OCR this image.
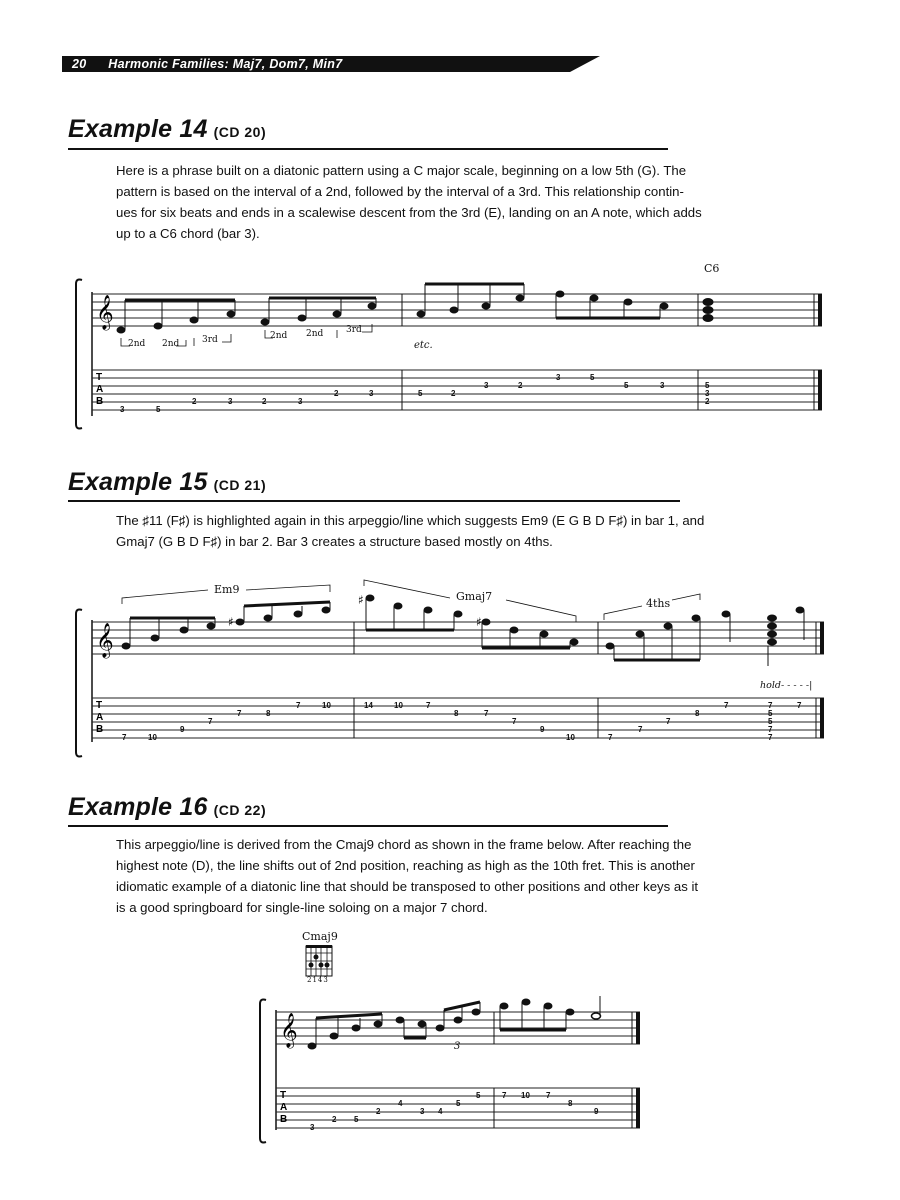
20 Harmonic Families: Maj7, Dom7, Min7
Example 14 (CD 20)
Here is a phrase built on a diatonic pattern using a C major scale, beginning on a low 5th (G). The
pattern is based on the interval of a 2nd, followed by the interval of a 3rd. This relationship contin-
ues for six beats and ends in a scalewise descent from the 3rd (E), landing on an A note, which adds
up to a C6 chord (bar 3).
𝄞
T
A
B
C6
2nd 2nd	3rd	2nd 2nd	3rd
etc.
3	5
2	3	2	3
2	3	5	2
3	2
3	5
5	3	5
3
2
Example 15 (CD 21)
The ♯11 (F♯) is highlighted again in this arpeggio/line which suggests Em9 (E G B D F♯) in bar 1, and
Gmaj7 (G B D F♯) in bar 2. Bar 3 creates a structure based mostly on 4ths.
𝄞
T
A
B
♯
♯
♯
Em9
Gmaj7
4ths
hold- - - - -|
7	10
9
7
7	8
7	10	14	10	7
8	7
7
9
10	7
7
7
8
7	7
5
5
7
7
7
Example 16 (CD 22)
This arpeggio/line is derived from the Cmaj9 chord as shown in the frame below. After reaching the
highest note (D), the line shifts out of 2nd position, reaching as high as the 10th fret. This is another
idiomatic example of a diatonic line that should be transposed to other positions and other keys as it
is a good springboard for single-line soloing on a major 7 chord.
Cmaj9
2143
𝄞
T
A
B
3
3
2 5
2
4
3 4
5
5	7 10 7
8
9
